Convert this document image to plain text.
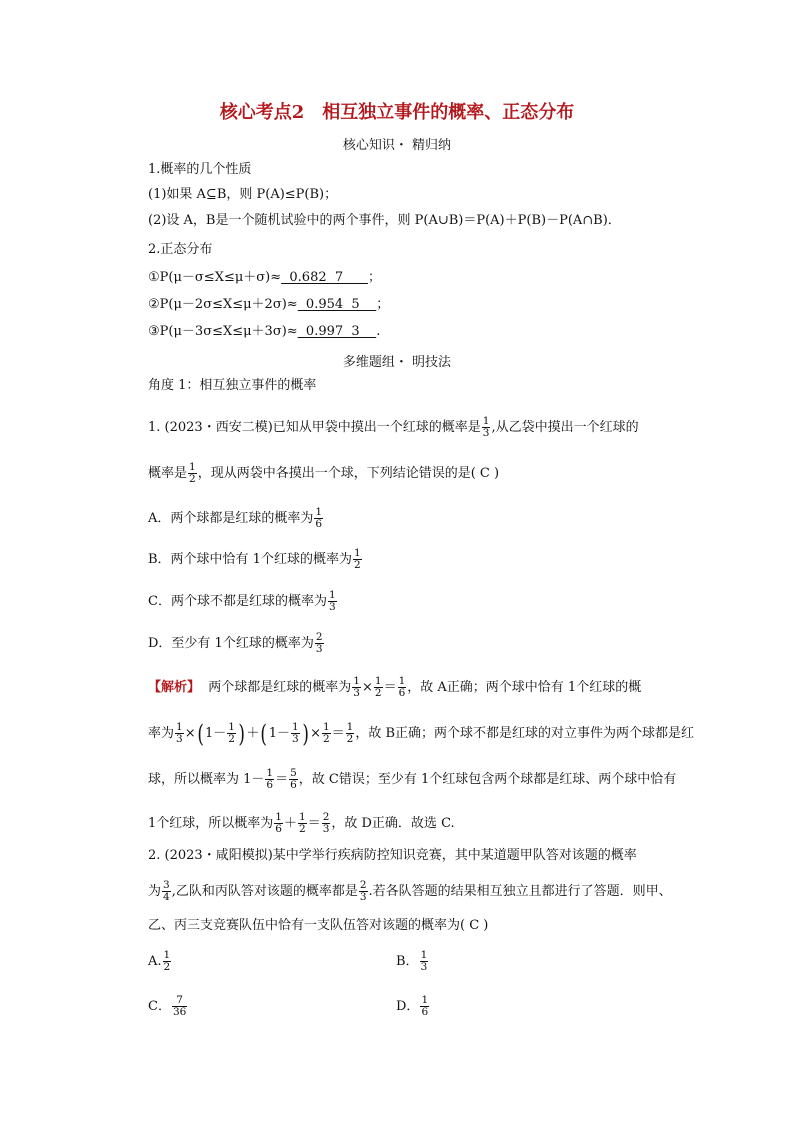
核心考点2　相互独立事件的概率、正态分布
核心知识・ 精归纳
1.概率的几个性质
(1)如果 A⊆B，则 P(A)≤P(B)；
(2)设 A，B是一个随机试验中的两个事件，则 P(A∪B)＝P(A)＋P(B)－P(A∩B)．
2.正态分布
①P(μ－σ≤X≤μ＋σ)≈  0.682  7      ；
②P(μ－2σ≤X≤μ＋2σ)≈  0.954  5    ；
③P(μ－3σ≤X≤μ＋3σ)≈  0.997  3    .
多维题组・ 明技法
角度 1：相互独立事件的概率
1. (2023・西安二模)已知从甲袋中摸出一个红球的概率是 $\frac{1}{3}$ ,从乙袋中摸出一个红球的
概率是 $\frac{1}{2}$ ，现从两袋中各摸出一个球，下列结论错误的是( C )
A．两个球都是红球的概率为 $\frac{1}{6}$
B．两个球中恰有 1个红球的概率为 $\frac{1}{2}$
C．两个球不都是红球的概率为 $\frac{1}{3}$
D．至少有 1个红球的概率为 $\frac{2}{3}$
【解析】 两个球都是红球的概率为 $\frac{1}{3} \times \frac{1}{2} = \frac{1}{6}$ ，故 A正确；两个球中恰有 1个红球的概
率为 $\frac{1}{3} \times(1- \frac{1}{2} )+(1- \frac{1}{3}$ )× $\frac{1}{2} = \frac{1}{2}$ ，故 B正确；两个球不都是红球的对立事件为两个球都是红
球，所以概率为 $1- \frac{1}{6} = \frac{5}{6}$ ，故 C错误；至少有 1个红球包含两个球都是红球、两个球中恰有
1个红球，所以概率为 $\frac{1}{6} + \frac{1}{2} = \frac{2}{3}$ ，故 D正确．故选 C.
2. (2023・咸阳模拟)某中学举行疾病防控知识竞赛，其中某道题甲队答对该题的概率
为 $\frac{3}{4}$ ,乙队和丙队答对该题的概率都是 $\frac{2}{3}$ .若各队答题的结果相互独立且都进行了答题．则甲、
乙、丙三支竞赛队伍中恰有一支队伍答对该题的概率为( C )
A. $\frac{1}{2}$	B． $\frac{1}{3}$
C． $\frac{7}{36}$	D． $\frac{1}{6}$
